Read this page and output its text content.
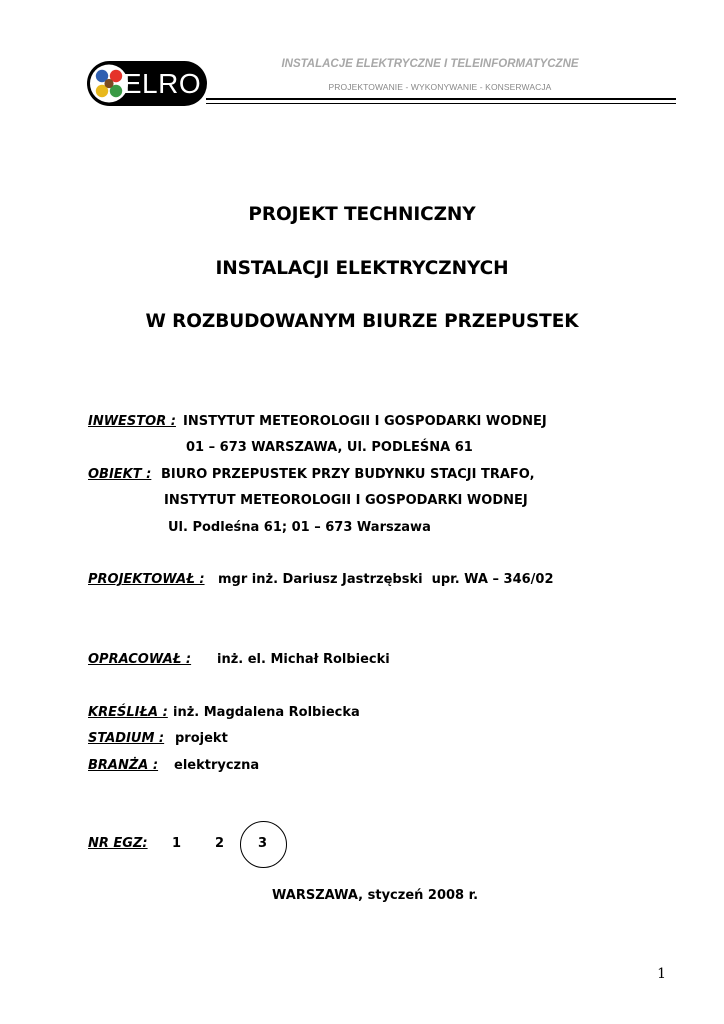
ELRO
INSTALACJE ELEKTRYCZNE I TELEINFORMATYCZNE
PROJEKTOWANIE - WYKONYWANIE - KONSERWACJA
PROJEKT TECHNICZNY
INSTALACJI ELEKTRYCZNYCH
W ROZBUDOWANYM BIURZE PRZEPUSTEK
INWESTOR : INSTYTUT METEOROLOGII I GOSPODARKI WODNEJ
01 – 673 WARSZAWA, Ul. PODLEŚNA 61
OBIEKT : BIURO PRZEPUSTEK PRZY BUDYNKU STACJI TRAFO,
INSTYTUT METEOROLOGII I GOSPODARKI WODNEJ
Ul. Podleśna 61; 01 – 673 Warszawa
PROJEKTOWAŁ : mgr inż. Dariusz Jastrzębski  upr. WA – 346/02
OPRACOWAŁ : inż. el. Michał Rolbiecki
KREŚLIŁA : inż. Magdalena Rolbiecka
STADIUM : projekt
BRANŻA : elektryczna
NR EGZ: 1	2	3
WARSZAWA, styczeń 2008 r.
1
